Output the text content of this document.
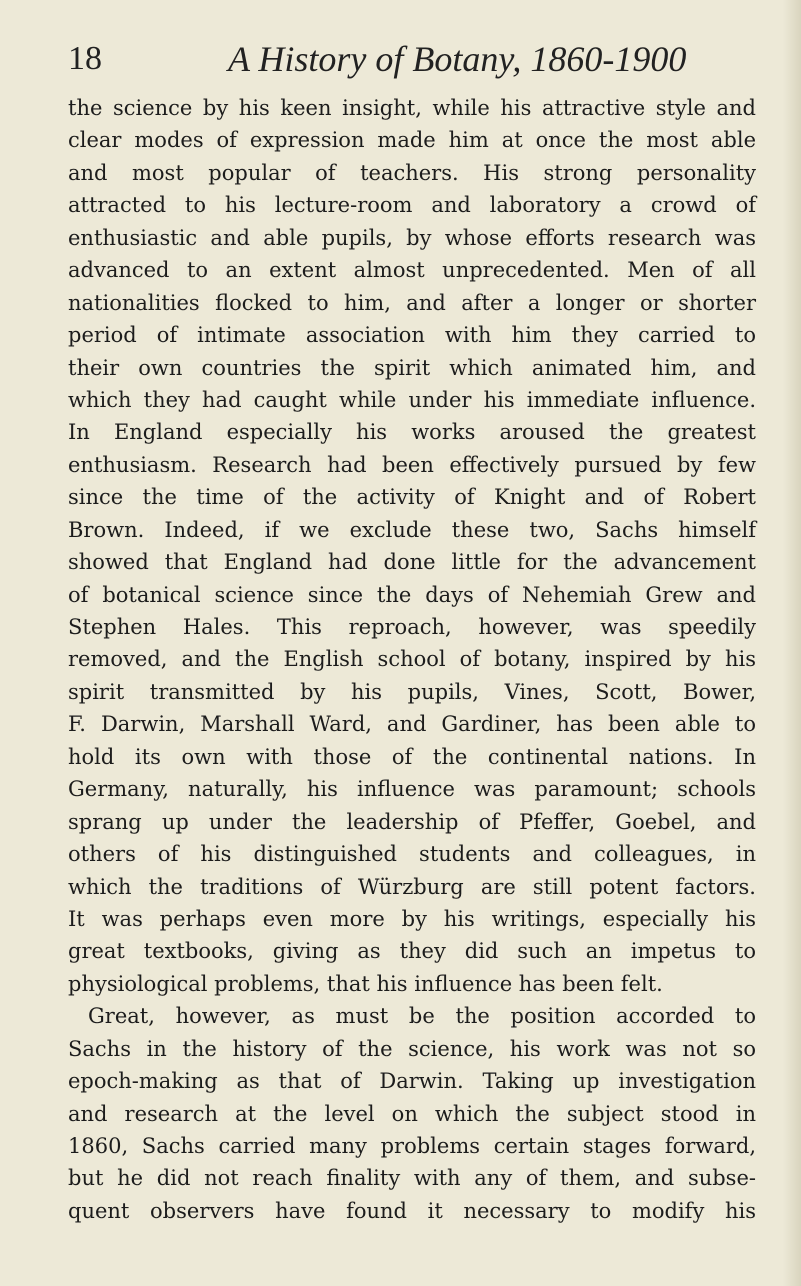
18	A History of Botany, 1860-1900
the science by his keen insight, while his attractive style and
clear modes of expression made him at once the most able
and most popular of teachers. His strong personality
attracted to his lecture-room and laboratory a crowd of
enthusiastic and able pupils, by whose efforts research was
advanced to an extent almost unprecedented. Men of all
nationalities flocked to him, and after a longer or shorter
period of intimate association with him they carried to
their own countries the spirit which animated him, and
which they had caught while under his immediate influence.
In England especially his works aroused the greatest
enthusiasm. Research had been effectively pursued by few
since the time of the activity of Knight and of Robert
Brown. Indeed, if we exclude these two, Sachs himself
showed that England had done little for the advancement
of botanical science since the days of Nehemiah Grew and
Stephen Hales. This reproach, however, was speedily
removed, and the English school of botany, inspired by his
spirit transmitted by his pupils, Vines, Scott, Bower,
F. Darwin, Marshall Ward, and Gardiner, has been able to
hold its own with those of the continental nations. In
Germany, naturally, his influence was paramount; schools
sprang up under the leadership of Pfeffer, Goebel, and
others of his distinguished students and colleagues, in
which the traditions of Würzburg are still potent factors.
It was perhaps even more by his writings, especially his
great textbooks, giving as they did such an impetus to
physiological problems, that his influence has been felt.
Great, however, as must be the position accorded to
Sachs in the history of the science, his work was not so
epoch-making as that of Darwin. Taking up investigation
and research at the level on which the subject stood in
1860, Sachs carried many problems certain stages forward,
but he did not reach finality with any of them, and subse-
quent observers have found it necessary to modify his
